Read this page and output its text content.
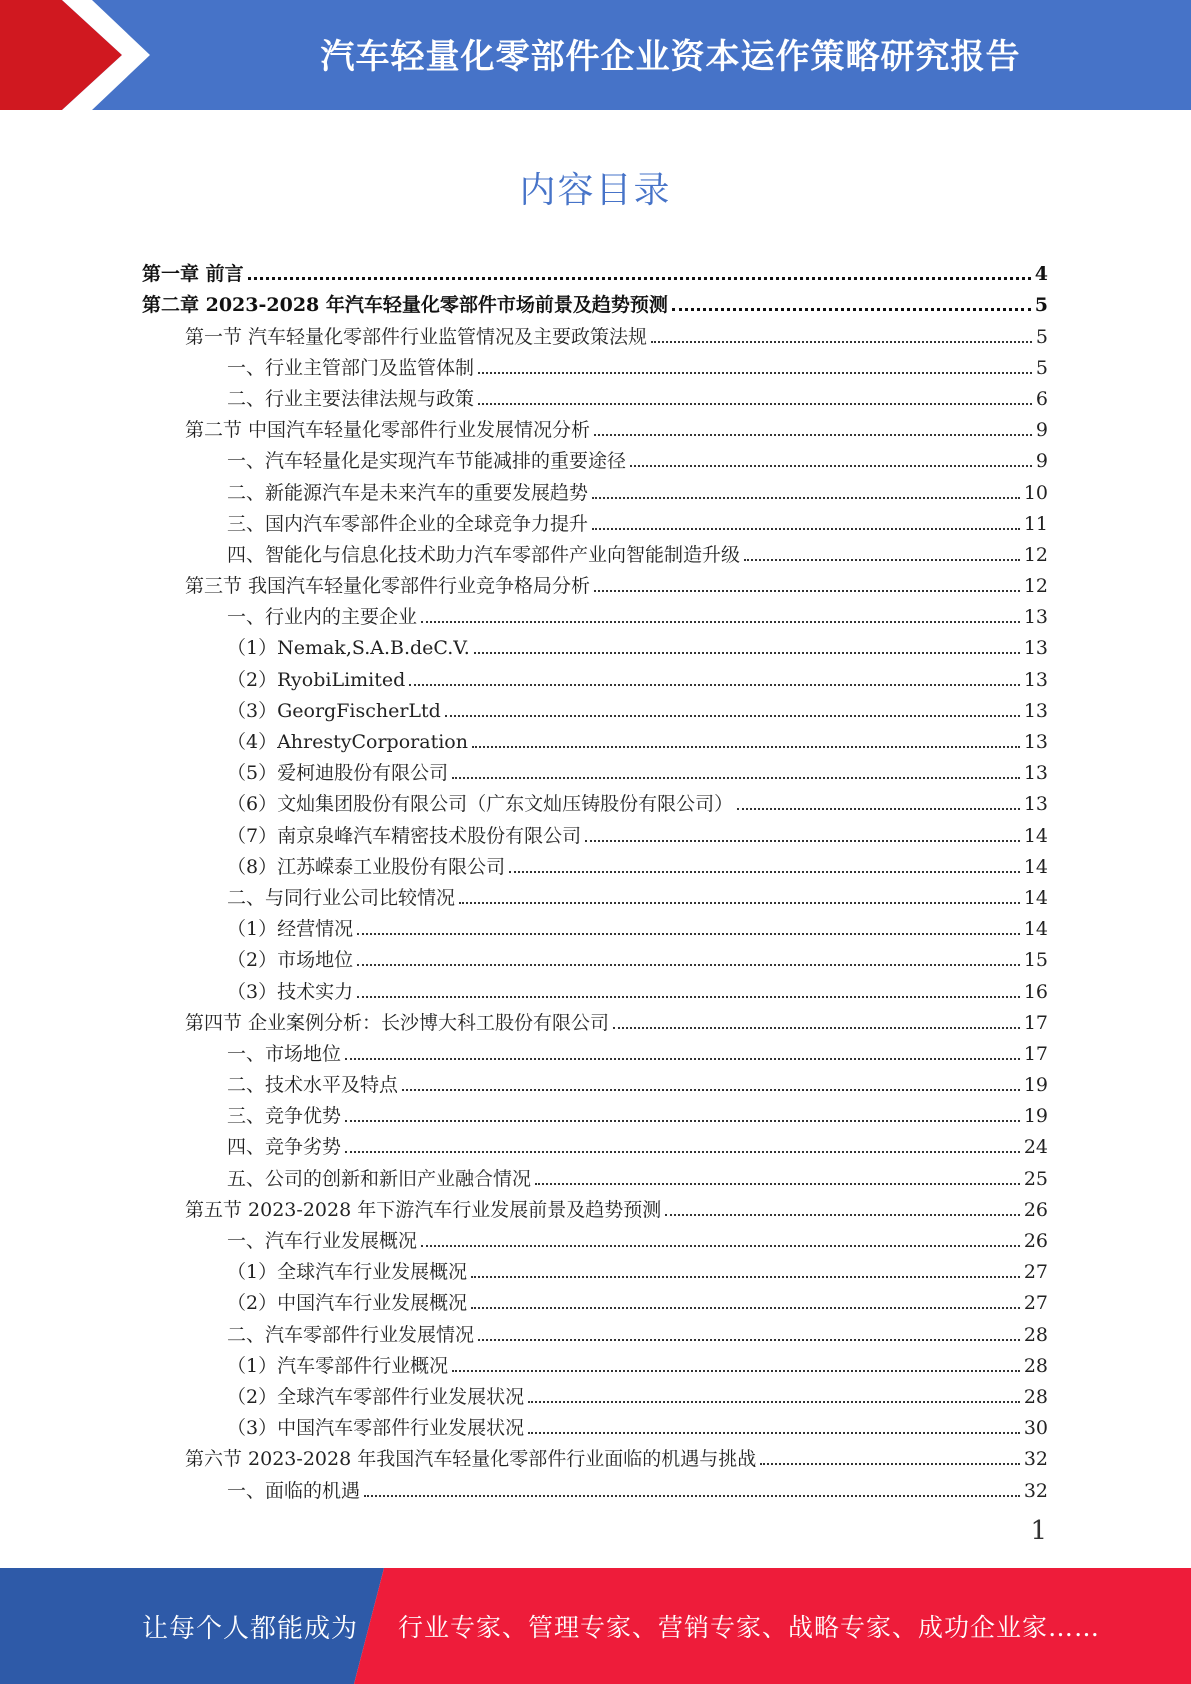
汽车轻量化零部件企业资本运作策略研究报告
内容目录
第一章 前言	4
第二章 2023-2028 年汽车轻量化零部件市场前景及趋势预测	5
第一节 汽车轻量化零部件行业监管情况及主要政策法规	5
一、行业主管部门及监管体制	5
二、行业主要法律法规与政策	6
第二节 中国汽车轻量化零部件行业发展情况分析	9
一、汽车轻量化是实现汽车节能减排的重要途径	9
二、新能源汽车是未来汽车的重要发展趋势	10
三、国内汽车零部件企业的全球竞争力提升	11
四、智能化与信息化技术助力汽车零部件产业向智能制造升级	12
第三节 我国汽车轻量化零部件行业竞争格局分析	12
一、行业内的主要企业	13
（1）Nemak,S.A.B.deC.V.	13
（2）RyobiLimited	13
（3）GeorgFischerLtd	13
（4）AhrestyCorporation	13
（5）爱柯迪股份有限公司	13
（6）文灿集团股份有限公司（广东文灿压铸股份有限公司）	13
（7）南京泉峰汽车精密技术股份有限公司	14
（8）江苏嵘泰工业股份有限公司	14
二、与同行业公司比较情况	14
（1）经营情况	14
（2）市场地位	15
（3）技术实力	16
第四节 企业案例分析：长沙博大科工股份有限公司	17
一、市场地位	17
二、技术水平及特点	19
三、竞争优势	19
四、竞争劣势	24
五、公司的创新和新旧产业融合情况	25
第五节 2023-2028 年下游汽车行业发展前景及趋势预测	26
一、汽车行业发展概况	26
（1）全球汽车行业发展概况	27
（2）中国汽车行业发展概况	27
二、汽车零部件行业发展情况	28
（1）汽车零部件行业概况	28
（2）全球汽车零部件行业发展状况	28
（3）中国汽车零部件行业发展状况	30
第六节 2023-2028 年我国汽车轻量化零部件行业面临的机遇与挑战	32
一、面临的机遇	32
1
让每个人都能成为 行业专家、管理专家、营销专家、战略专家、成功企业家……
